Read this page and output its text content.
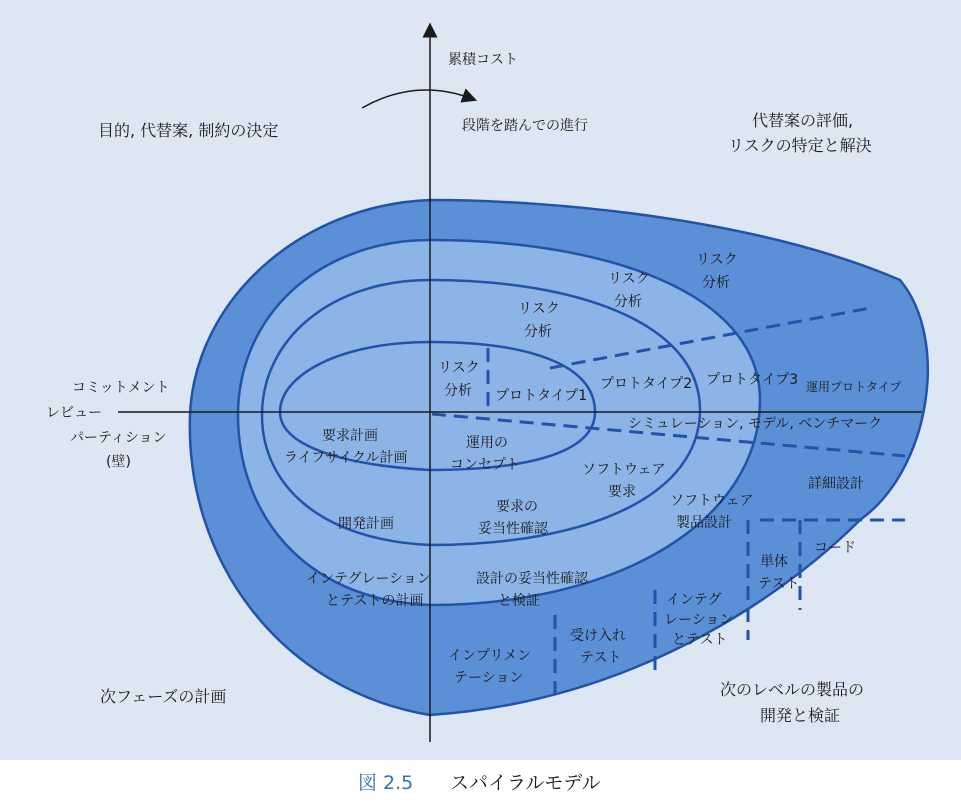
目的, 代替案, 制約の決定
代替案の評価,
リスクの特定と解決
次フェーズの計画	次のレベルの製品の
開発と検証
累積コスト
段階を踏んでの進行
コミットメント
レビュー
パーティション
(壁)
リスク
分析
リスク
分析
リスク
分析
リスク
分析
プロトタイプ1
プロトタイプ2 プロトタイプ3 運用プロトタイプ
シミュレーション, モデル, ベンチマーク
要求計画
ライフサイクル計画
開発計画
インテグレーション
とテストの計画
運用の
コンセプト	ソフトウェア
要求
ソフトウェア
製品設計
詳細設計
コード
単体
テスト
インテグ
レーション
とテスト
受け入れ
テスト
インプリメン
テーション
要求の
妥当性確認
設計の妥当性確認
と検証
図 2.5 スパイラルモデル
